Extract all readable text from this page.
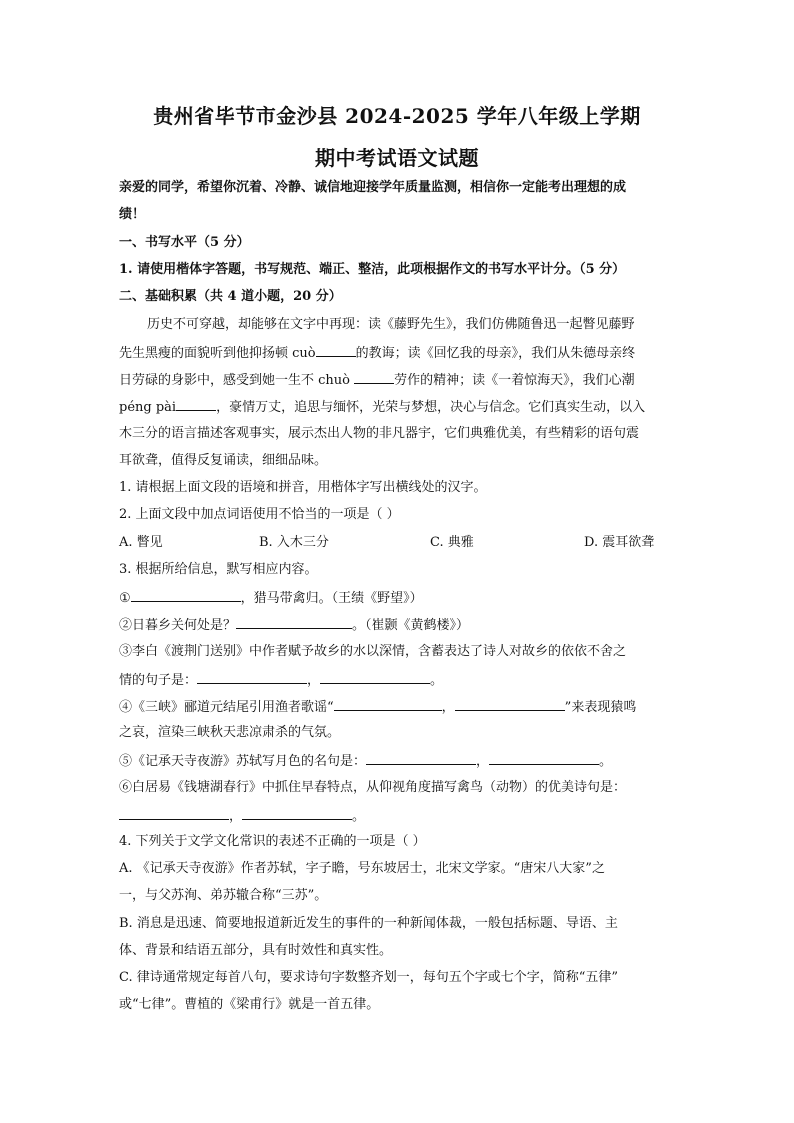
贵州省毕节市金沙县 2024-2025 学年八年级上学期
期中考试语文试题
亲爱的同学，希望你沉着、冷静、诚信地迎接学年质量监测，相信你一定能考出理想的成
绩！
一、书写水平（5 分）
1. 请使用楷体字答题，书写规范、端正、整洁，此项根据作文的书写水平计分。（5 分）
二、基础积累（共 4 道小题，20 分）
历史不可穿越，却能够在文字中再现：读《藤野先生》，我们仿佛随鲁迅一起瞥见藤野
先生黑瘦的面貌听到他抑扬顿 cuò	的教诲；读《回忆我的母亲》，我们从朱德母亲终
日劳碌的身影中，感受到她一生不 chuò	劳作的精神；读《一着惊海天》，我们心潮
péng pài	，豪情万丈，追思与缅怀，光荣与梦想，决心与信念。它们真实生动，以入
木三分的语言描述客观事实，展示杰出人物的非凡器宇，它们典雅优美，有些精彩的语句震
耳欲聋，值得反复诵读，细细品味。
1. 请根据上面文段的语境和拼音，用楷体字写出横线处的汉字。
2. 上面文段中加点词语使用不恰当的一项是（ ）
A. 瞥见	B. 入木三分	C. 典雅	D. 震耳欲聋
3. 根据所给信息，默写相应内容。
①	，猎马带禽归。（王绩《野望》）
②日暮乡关何处是？	。（崔颢《黄鹤楼》）
③李白《渡荆门送别》中作者赋予故乡的水以深情，含蓄表达了诗人对故乡的依依不舍之
情的句子是：	，	。
④《三峡》郦道元结尾引用渔者歌谣“	，	”来表现猿鸣
之哀，渲染三峡秋天悲凉肃杀的气氛。
⑤《记承天寺夜游》苏轼写月色的名句是：	，	。
⑥白居易《钱塘湖春行》中抓住早春特点，从仰视角度描写禽鸟（动物）的优美诗句是：
，	。
4. 下列关于文学文化常识的表述不正确的一项是（ ）
A. 《记承天寺夜游》作者苏轼，字子瞻，号东坡居士，北宋文学家。“唐宋八大家”之
一，与父苏洵、弟苏辙合称“三苏”。
B. 消息是迅速、简要地报道新近发生的事件的一种新闻体裁，一般包括标题、导语、主
体、背景和结语五部分，具有时效性和真实性。
C. 律诗通常规定每首八句，要求诗句字数整齐划一，每句五个字或七个字，简称“五律”
或“七律”。曹植的《梁甫行》就是一首五律。
